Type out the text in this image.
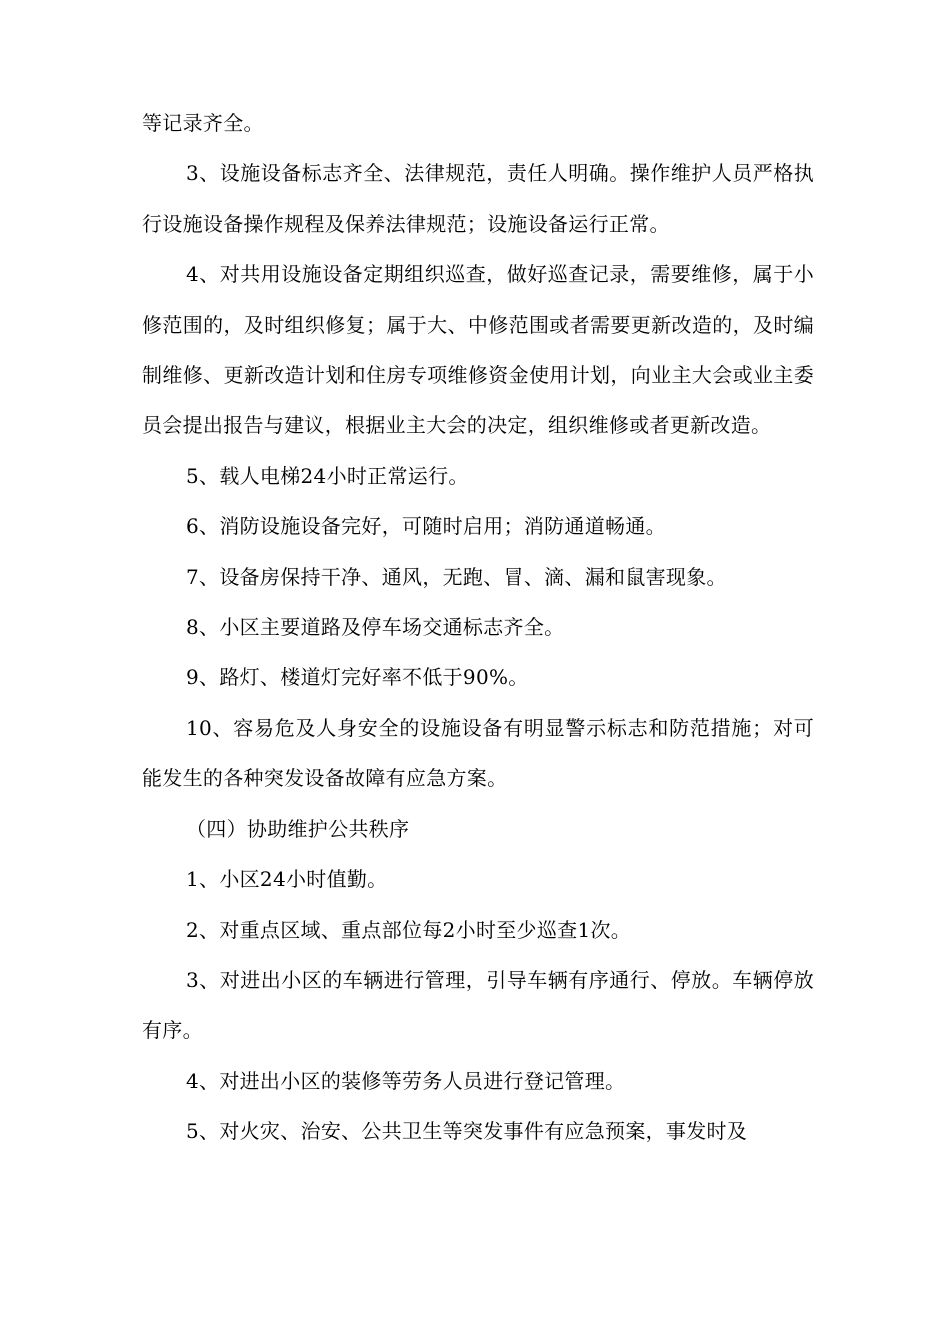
等记录齐全。

3、设施设备标志齐全、法律规范，责任人明确。操作维护人员严格执行设施设备操作规程及保养法律规范；设施设备运行正常。

4、对共用设施设备定期组织巡查，做好巡查记录，需要维修，属于小修范围的，及时组织修复；属于大、中修范围或者需要更新改造的，及时编制维修、更新改造计划和住房专项维修资金使用计划，向业主大会或业主委员会提出报告与建议，根据业主大会的决定，组织维修或者更新改造。

5、载人电梯24小时正常运行。

6、消防设施设备完好，可随时启用；消防通道畅通。

7、设备房保持干净、通风，无跑、冒、滴、漏和鼠害现象。

8、小区主要道路及停车场交通标志齐全。

9、路灯、楼道灯完好率不低于90%。

10、容易危及人身安全的设施设备有明显警示标志和防范措施；对可能发生的各种突发设备故障有应急方案。

（四）协助维护公共秩序

1、小区24小时值勤。

2、对重点区域、重点部位每2小时至少巡查1次。

3、对进出小区的车辆进行管理，引导车辆有序通行、停放。车辆停放有序。

4、对进出小区的装修等劳务人员进行登记管理。

5、对火灾、治安、公共卫生等突发事件有应急预案，事发时及
